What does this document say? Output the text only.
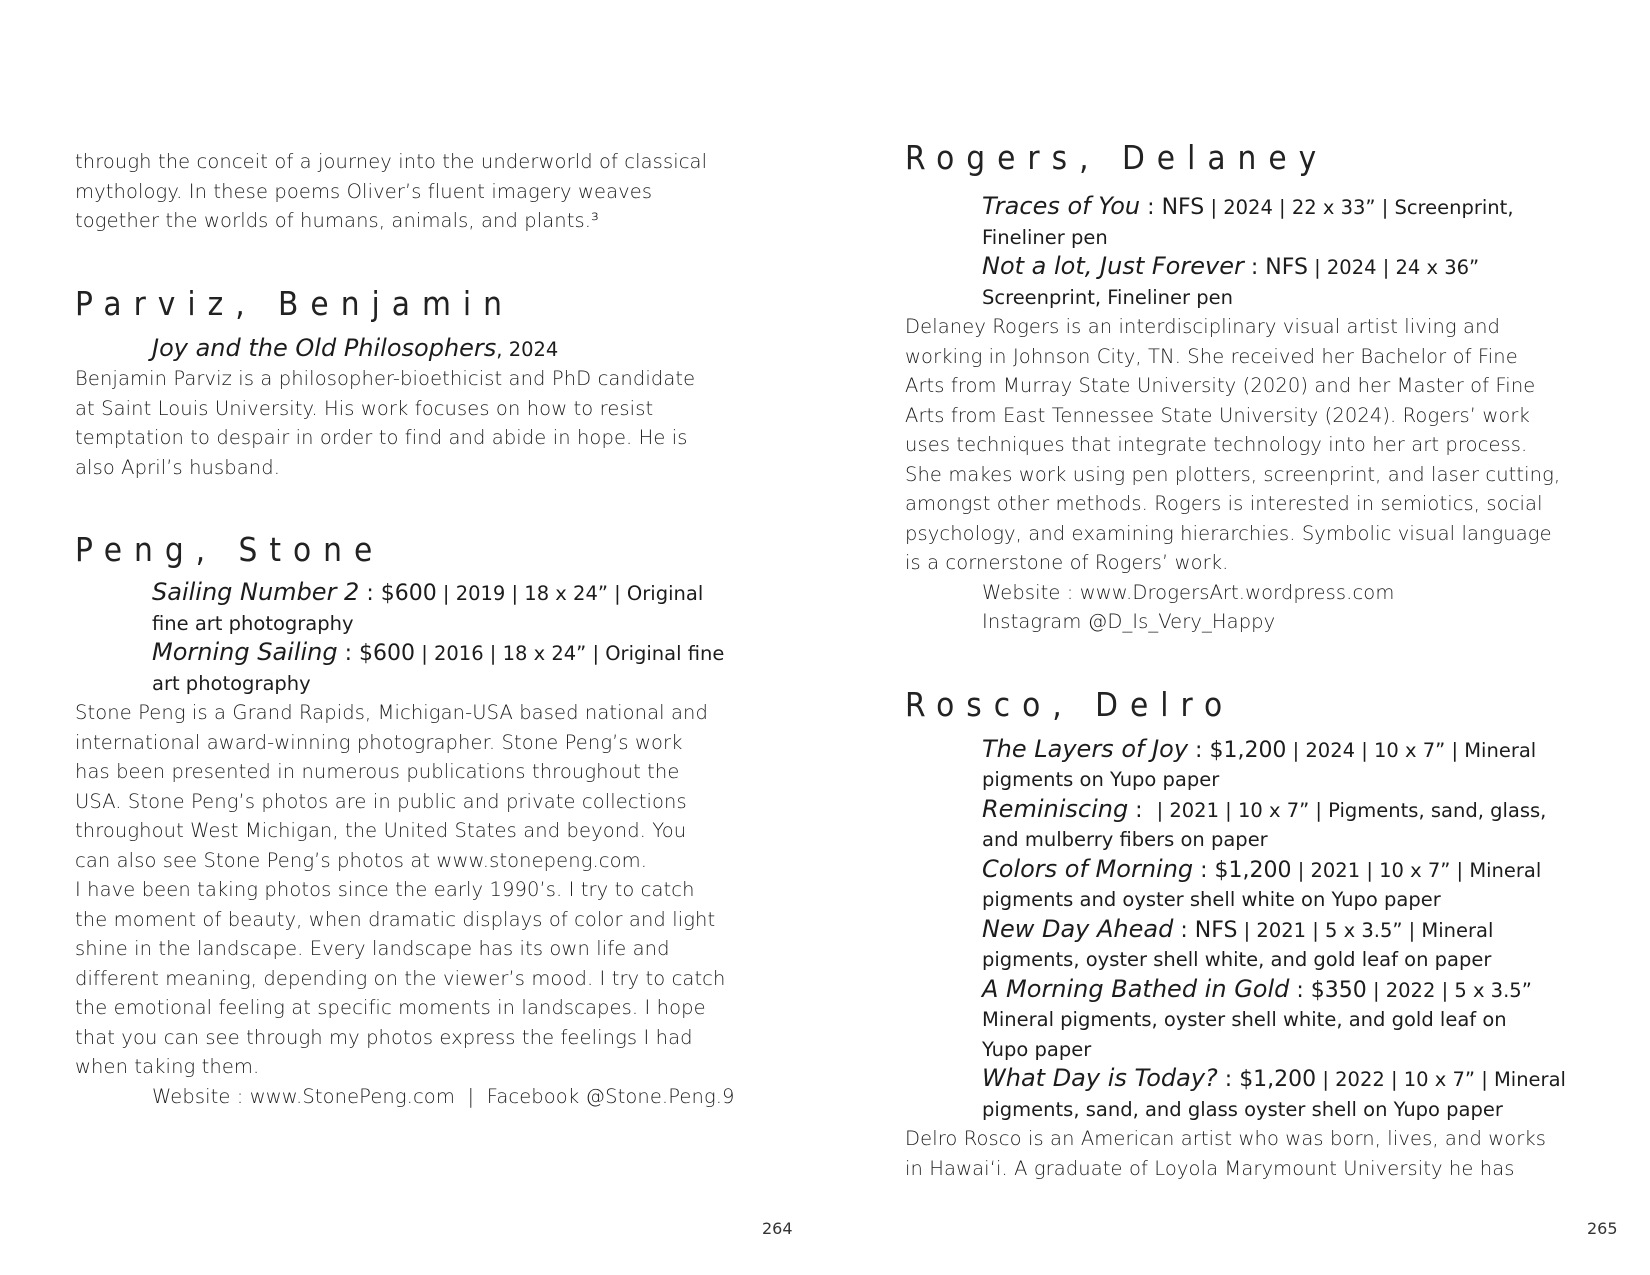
through the conceit of a journey into the underworld of classical

mythology. In these poems Oliver’s fluent imagery weaves

together the worlds of humans, animals, and plants.³

Parviz, Benjamin
Joy and the Old Philosophers, 2024

Benjamin Parviz is a philosopher-bioethicist and PhD candidate

at Saint Louis University. His work focuses on how to resist

temptation to despair in order to find and abide in hope. He is

also April’s husband.

Peng, Stone
Sailing Number 2 : $600 | 2019 | 18 x 24” | Original
fine art photography
Morning Sailing : $600 | 2016 | 18 x 24” | Original fine
art photography

Stone Peng is a Grand Rapids, Michigan-USA based national and

international award-winning photographer. Stone Peng’s work

has been presented in numerous publications throughout the

USA. Stone Peng’s photos are in public and private collections

throughout West Michigan, the United States and beyond. You

can also see Stone Peng’s photos at www.stonepeng.com.

I have been taking photos since the early 1990’s. I try to catch

the moment of beauty, when dramatic displays of color and light

shine in the landscape. Every landscape has its own life and

different meaning, depending on the viewer’s mood. I try to catch

the emotional feeling at specific moments in landscapes. I hope

that you can see through my photos express the feelings I had

when taking them.

Website : www.StonePeng.com  |  Facebook @Stone.Peng.9

264
Rogers, Delaney
Traces of You : NFS | 2024 | 22 x 33” | Screenprint,
Fineliner pen
Not a lot, Just Forever : NFS | 2024 | 24 x 36”
Screenprint, Fineliner pen

Delaney Rogers is an interdisciplinary visual artist living and

working in Johnson City, TN. She received her Bachelor of Fine

Arts from Murray State University (2020) and her Master of Fine

Arts from East Tennessee State University (2024). Rogers’ work

uses techniques that integrate technology into her art process.

She makes work using pen plotters, screenprint, and laser cutting,

amongst other methods. Rogers is interested in semiotics, social

psychology, and examining hierarchies. Symbolic visual language

is a cornerstone of Rogers’ work.

Website : www.DrogersArt.wordpress.com

Instagram @D_Is_Very_Happy

Rosco, Delro
The Layers of Joy : $1,200 | 2024 | 10 x 7” | Mineral
pigments on Yupo paper
Reminiscing :  | 2021 | 10 x 7” | Pigments, sand, glass,
and mulberry fibers on paper
Colors of Morning : $1,200 | 2021 | 10 x 7” | Mineral
pigments and oyster shell white on Yupo paper
New Day Ahead : NFS | 2021 | 5 x 3.5” | Mineral
pigments, oyster shell white, and gold leaf on paper
A Morning Bathed in Gold : $350 | 2022 | 5 x 3.5”
Mineral pigments, oyster shell white, and gold leaf on
Yupo paper
What Day is Today? : $1,200 | 2022 | 10 x 7” | Mineral
pigments, sand, and glass oyster shell on Yupo paper

Delro Rosco is an American artist who was born, lives, and works

in Hawai‘i. A graduate of Loyola Marymount University he has

265
